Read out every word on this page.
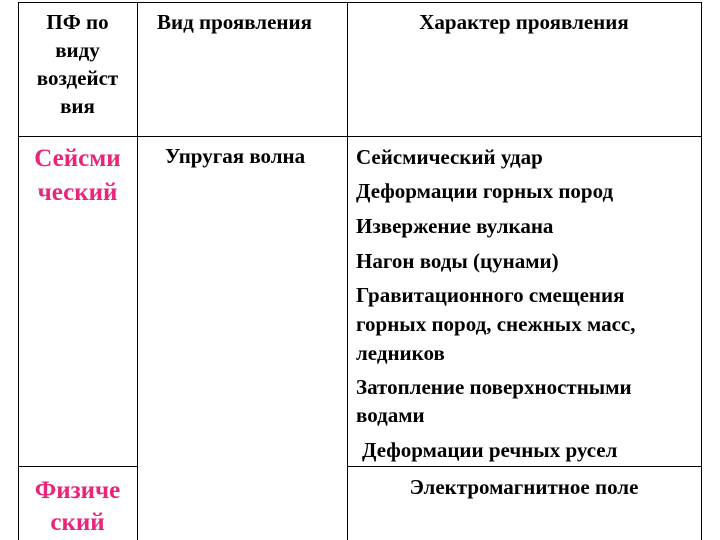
ПФ по
виду
воздейст
вия
Вид проявления	Характер проявления
Сейсми
ческий
Упругая волна Сейсмический удар
Деформации горных пород
Извержение вулкана
Нагон воды (цунами)
Гравитационного смещения
горных пород, снежных масс,
ледников
Затопление поверхностными
водами
Деформации речных русел
Физиче
ский
Электромагнитное поле
